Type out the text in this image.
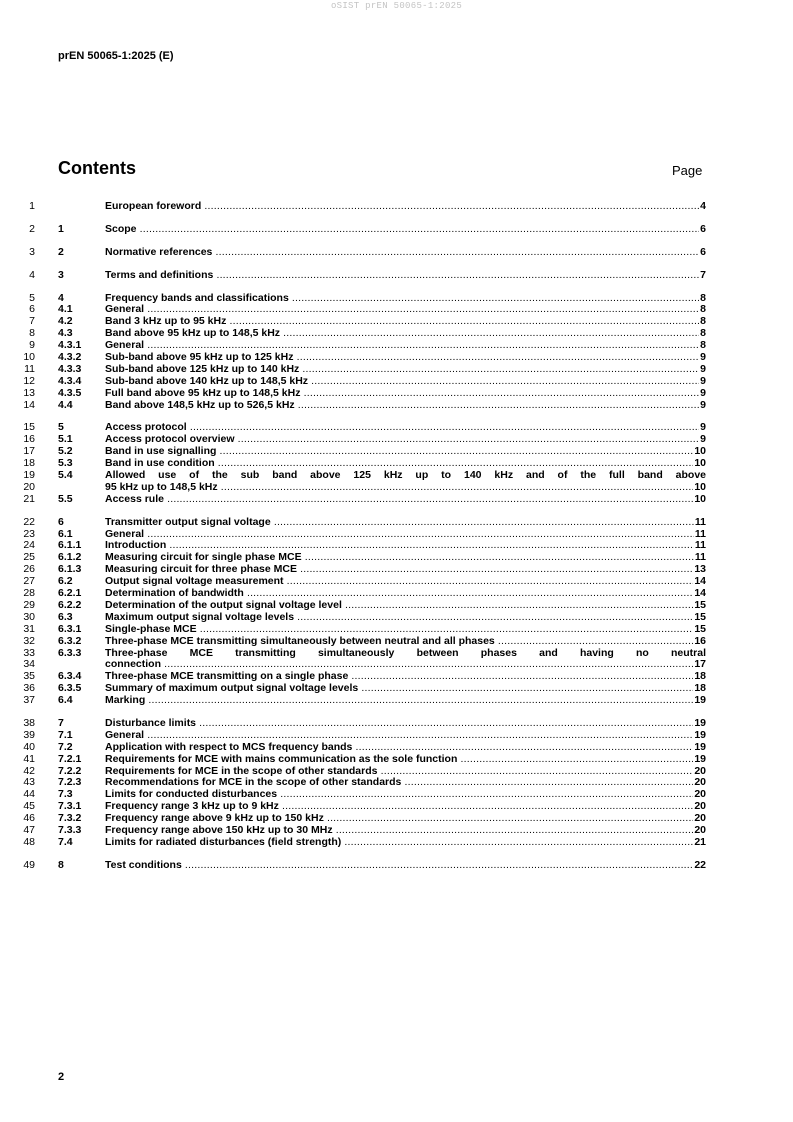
oSIST prEN 50065-1:2025
prEN 50065-1:2025 (E)
Contents	Page
1	European foreword .....	4
2 1	Scope .....	6
3 2	Normative references .....	6
4 3	Terms and definitions .....	7
5 4	Frequency bands and classifications .....	8
6 4.1	General .....	8
7 4.2	Band 3 kHz up to 95 kHz .....	8
8 4.3	Band above 95 kHz up to 148,5 kHz .....	8
9 4.3.1 General .....	8
10 4.3.2 Sub-band above 95 kHz up to 125 kHz .....	9
11 4.3.3 Sub-band above 125 kHz up to 140 kHz .....	9
12 4.3.4 Sub-band above 140 kHz up to 148,5 kHz .....	9
13 4.3.5 Full band above 95 kHz up to 148,5 kHz .....	9
14 4.4	Band above 148,5 kHz up to 526,5 kHz .....	9
15 5	Access protocol .....	9
16 5.1	Access protocol overview .....	9
17 5.2	Band in use signalling .....	10
18 5.3	Band in use condition .....	10
19 5.4	Allowed use of the sub band above 125 kHz up to 140 kHz and of the full band above
20	95 kHz up to 148,5 kHz .....	10
21 5.5	Access rule .....	10
22 6	Transmitter output signal voltage .....	11
23 6.1	General .....	11
24 6.1.1 Introduction .....	11
25 6.1.2 Measuring circuit for single phase MCE .....	11
26 6.1.3 Measuring circuit for three phase MCE .....	13
27 6.2	Output signal voltage measurement .....	14
28 6.2.1 Determination of bandwidth .....	14
29 6.2.2 Determination of the output signal voltage level .....	15
30 6.3	Maximum output signal voltage levels .....	15
31 6.3.1 Single-phase MCE .....	15
32 6.3.2 Three-phase MCE transmitting simultaneously between neutral and all phases .....	16
33 6.3.3 Three-phase MCE transmitting simultaneously between phases and having no neutral
34	connection .....	17
35 6.3.4 Three-phase MCE transmitting on a single phase .....	18
36 6.3.5 Summary of maximum output signal voltage levels .....	18
37 6.4	Marking .....	19
38 7	Disturbance limits .....	19
39 7.1	General .....	19
40 7.2	Application with respect to MCS frequency bands .....	19
41 7.2.1 Requirements for MCE with mains communication as the sole function .....	19
42 7.2.2 Requirements for MCE in the scope of other standards .....	20
43 7.2.3 Recommendations for MCE in the scope of other standards .....	20
44 7.3	Limits for conducted disturbances .....	20
45 7.3.1 Frequency range 3 kHz up to 9 kHz .....	20
46 7.3.2 Frequency range above 9 kHz up to 150 kHz .....	20
47 7.3.3 Frequency range above 150 kHz up to 30 MHz .....	20
48 7.4	Limits for radiated disturbances (field strength) .....	21
49 8	Test conditions .....	22
2
